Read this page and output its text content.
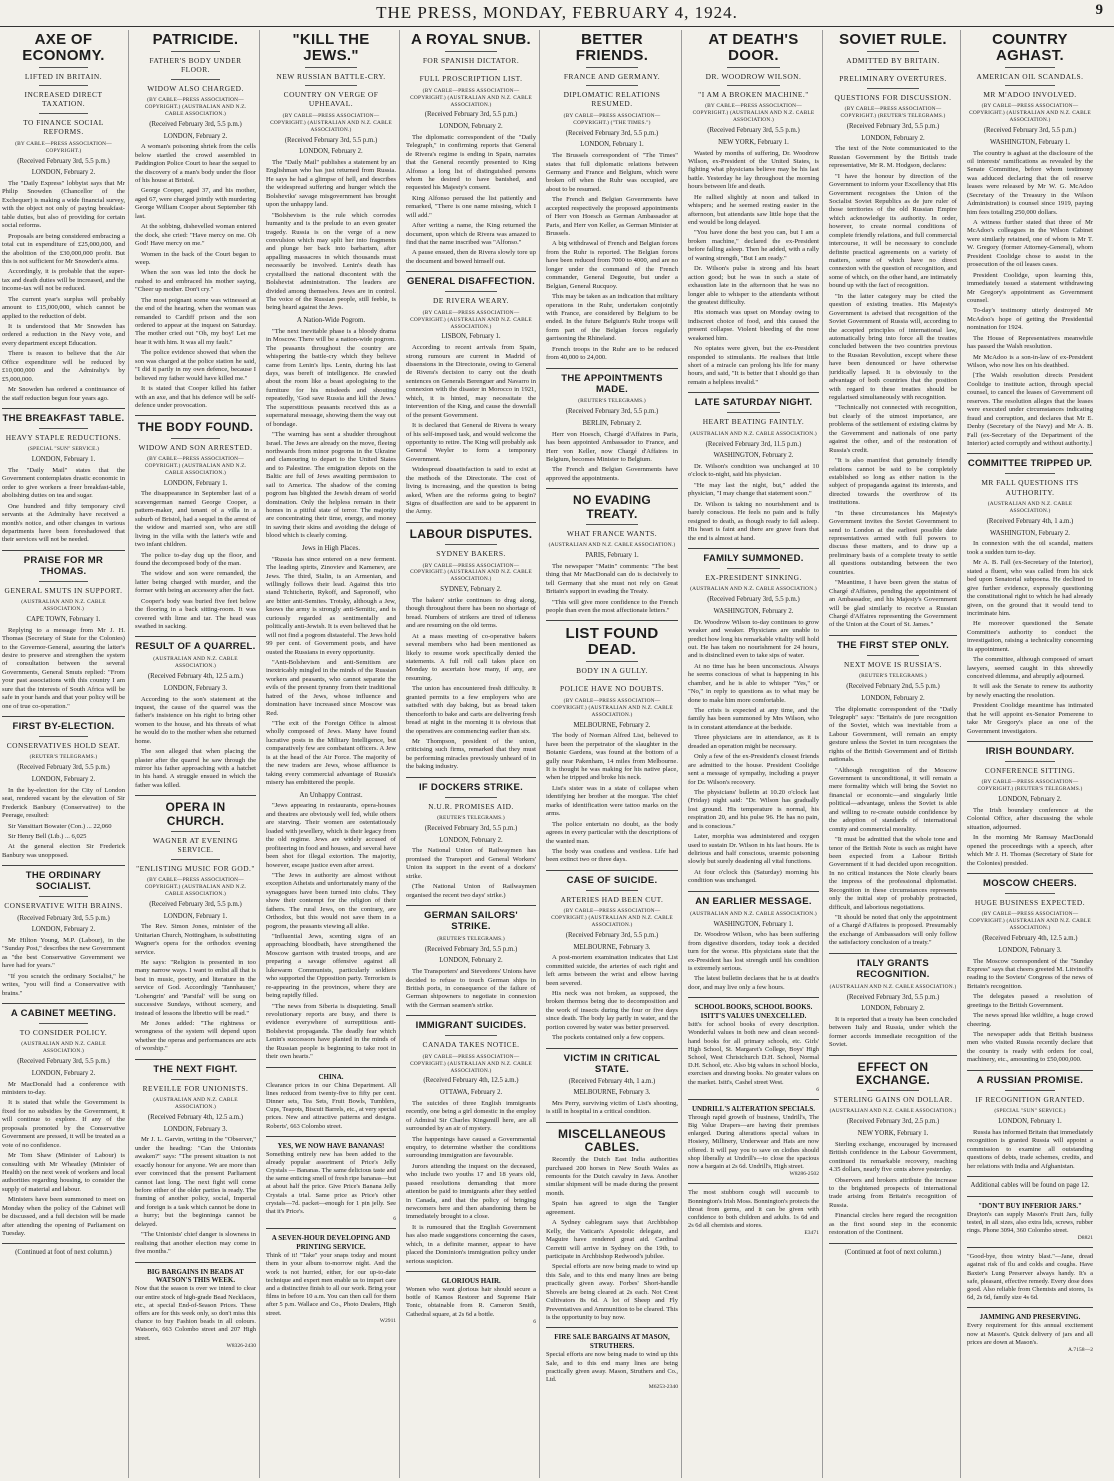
THE PRESS, MONDAY, FEBRUARY 4, 1924.	9
AXE OF ECONOMY.
LIFTED IN BRITAIN.
INCREASED DIRECT TAXATION.
TO FINANCE SOCIAL REFORMS.
(BY CABLE—PRESS ASSOCIATION—COPYRIGHT.)
(Received February 3rd, 5.5 p.m.)
LONDON, February 2.

The "Daily Express" lobbyist says that Mr Philip Snowden (Chancellor of the Exchequer) is making a wide financial survey, with the object not only of paying breakfast-table duties, but also of providing for certain social reforms.

Proposals are being considered embracing a total cut in expenditure of £25,000,000, and the abolition of the £30,000,000 profit. But this is not sufficient for Mr Snowden's aims.

Accordingly, it is probable that the super-tax and death duties will be increased, and the income-tax will not be reduced.

The current year's surplus will probably amount to £15,000,000, which cannot be applied to the reduction of debt.

It is understood that Mr Snowden has ordered a reduction in the Navy vote, and every department except Education.

There is reason to believe that the Air Office expenditure will be reduced by £10,000,000 and the Admiralty's by £5,000,000.

Mr Snowden has ordered a continuance of the staff reduction begun four years ago.

THE BREAKFAST TABLE.
HEAVY STAPLE REDUCTIONS.
(SPECIAL "SUN" SERVICE.)
LONDON, February 1.

The "Daily Mail" states that the Government contemplates drastic economic in order to give workers a freer breakfast-table, abolishing duties on tea and sugar.

One hundred and fifty temporary civil servants at the Admiralty have received a month's notice, and other changes in various departments have been foreshadowed that their services will not be needed.

PRAISE FOR MR THOMAS.
GENERAL SMUTS IN SUPPORT.
(AUSTRALIAN AND N.Z. CABLE ASSOCIATION.)
CAPE TOWN, February 1.

Replying to a message from Mr J. H. Thomas (Secretary of State for the Colonies) to the Governor-General, assuring the latter's desire to preserve and strengthen the system of consultation between the several Governments, General Smuts replied: "From your past associations with this country I am sure that the interests of South Africa will be safe in your hands and that your policy will be one of true co-operation."

FIRST BY-ELECTION.
CONSERVATIVES HOLD SEAT.
(REUTER'S TELEGRAMS.)
(Received February 3rd, 5.5 p.m.)
LONDON, February 2.

In the by-election for the City of London seat, rendered vacant by the elevation of Sir Frederick Banbury (Conservative) to the Peerage, resulted:

Sir Vansittart Bowater (Con.) ... 22,060

Sir Henry Bell (Lib.) ... 6,025

At the general election Sir Frederick Banbury was unopposed.

THE ORDINARY SOCIALIST.
CONSERVATIVE WITH BRAINS.
(Received February 3rd, 5.5 p.m.)
LONDON, February 2.

Mr Hilton Young, M.P. (Labour), in the "Sunday Post," describes the new Government as "the best Conservative Government we have had for years."

"If you scratch the ordinary Socialist," he writes, "you will find a Conservative with brains."

A CABINET MEETING.
TO CONSIDER POLICY.
(AUSTRALIAN AND N.Z. CABLE ASSOCIATION.)
(Received February 3rd, 5.5 p.m.)
LONDON, February 2.

Mr MacDonald had a conference with ministers to-day.

It is stated that while the Government is fixed for no subsidies by the Government, it will continue to explore. If any of the proposals promoted by the Conservative Government are pressed, it will be treated as a vote of no confidence.

Mr Tom Shaw (Minister of Labour) is consulting with Mr Wheatley (Minister of Health) on the next week of workers and local authorities regarding housing, to consider the supply of material and labour.

Ministers have been summoned to meet on Monday when the policy of the Cabinet will be discussed, and a full decision will be made after attending the opening of Parliament on Tuesday.

(Continued at foot of next column.)
PATRICIDE.
FATHER'S BODY UNDER FLOOR.
WIDOW ALSO CHARGED.
(BY CABLE—PRESS ASSOCIATION—COPYRIGHT.) (AUSTRALIAN AND N.Z. CABLE ASSOCIATION.)
(Received February 3rd, 5.5 p.m.)
LONDON, February 2.

A woman's poisoning shriek from the cells below startled the crowd assembled in Paddington Police Court to hear the sequel to the discovery of a man's body under the floor of his house at Bristol.

George Cooper, aged 37, and his mother, aged 67, were charged jointly with murdering George William Cooper about September 6th last.

At the sobbing, dishevelled woman entered the dock, she cried: "Have mercy on me. Oh God! Have mercy on me."

Women in the back of the Court began to weep.

When the son was led into the dock he rushed to and embraced his mother saying, "Cheer up mother. Don't cry."

The most poignant scene was witnessed at the end of the hearing, when the woman was remanded to Cardiff prison and the son ordered to appear at the inquest on Saturday. The mother cried out "Oh, my boy! Let me hear it with him. It was all my fault."

The police evidence showed that when the son was charged at the police station he said, "I did it partly in my own defence, because I believed my father would have killed me."

It is stated that Cooper killed his father with an axe, and that his defence will be self-defence under provocation.

THE BODY FOUND.
WIDOW AND SON ARRESTED.
(BY CABLE—PRESS ASSOCIATION—COPYRIGHT.) (AUSTRALIAN AND N.Z. CABLE ASSOCIATION.)
LONDON, February 1.

The disappearance in September last of a scavengerman named George Cooper, a pattern-maker, and tenant of a villa in a suburb of Bristol, had a sequel in the arrest of the widow and married son, who are still living in the villa with the latter's wife and two infant children.

The police to-day dug up the floor, and found the decomposed body of the man.

The widow and son were remanded, the latter being charged with murder, and the former with being an accessory after the fact.

Cooper's body was buried five feet below the flooring in a back sitting-room. It was covered with lime and tar. The head was swathed in sacking.

RESULT OF A QUARREL.
(AUSTRALIAN AND N.Z. CABLE ASSOCIATION.)
(Received February 4th, 12.5 a.m.)
LONDON, February 3.

According to the son's statement at the inquest, the cause of the quarrel was the father's insistence on his right to bring other women to the house, and his threats of what he would do to the mother when she returned home.

The son alleged that when placing the plaster after the quarrel he saw through the mirror his father approaching with a hatchet in his hand. A struggle ensued in which the father was killed.

OPERA IN CHURCH.
WAGNER AT EVENING SERVICE.
"ENLISTING MUSIC FOR GOD."
(BY CABLE—PRESS ASSOCIATION—COPYRIGHT.) (AUSTRALIAN AND N.Z. CABLE ASSOCIATION.)
(Received February 3rd, 5.5 p.m.)
LONDON, February 1.

The Rev. Simon Jones, minister of the Unitarian Church, Nottingham, is substituting Wagner's opera for the orthodox evening service.

He says: "Religion is presented in too many narrow ways. I want to enlist all that is best in music, poetry, and literature in the service of God. Accordingly 'Tannhauser,' 'Lohengrin' and 'Parsifal' will be sung on successive Sundays, without scenery, and instead of lessons the libretto will be read."

Mr Jones added: "The rightness or wrongness of the system will depend upon whether the operas and performances are acts of worship."

THE NEXT FIGHT.
REVEILLE FOR UNIONISTS.
(AUSTRALIAN AND N.Z. CABLE ASSOCIATION.)
(Received February 4th, 12.5 a.m.)
LONDON, February 3.

Mr J. L. Garvin, writing in the "Observer," under the heading: "Can the Unionists awaken?" says: "The present situation is not exactly honour for anyone. We are more than ever convinced that the present Parliament cannot last long. The next fight will come before either of the older parties is ready. The framing of another policy, social, Imperial and foreign is a task which cannot be done in a hurry; but the beginnings cannot be delayed.

"The Unionists' chief danger is slowness in realising that another election may come in five months."

BIG BARGAINS IN BEADS AT WATSON'S THIS WEEK.
Now that the season is over we intend to clear our entire stock of high-grade Bead Necklaces, etc., at special End-of-Season Prices. These offers are for this week only, so don't miss this chance to buy Fashion beads in all colours. Watson's, 663 Colombo street and 207 High street.
W8326-2430
"KILL THE JEWS."
NEW RUSSIAN BATTLE-CRY.
COUNTRY ON VERGE OF UPHEAVAL.
(BY CABLE—PRESS ASSOCIATION—COPYRIGHT.) (AUSTRALIAN AND N.Z. CABLE ASSOCIATION.)
(Received February 3rd, 5.5 p.m.)
LONDON, February 2.

The "Daily Mail" publishes a statement by an Englishman who has just returned from Russia. He says he had a glimpse of hell, and describes the widespread suffering and hunger which the Bolsheviks' savage misgovernment has brought upon the unhappy land.

"Bolshevism is the rule which corrodes humanity and is the prelude to an even greater tragedy. Russia is on the verge of a new convulsion which may split her into fragments and plunge her back into barbarism, after appalling massacres in which thousands must necessarily be involved. Lenin's death has crystallised the national discontent with the Bolshevist administration. The leaders are divided among themselves. Jews are in control. The voice of the Russian people, still feeble, is being heard against the Jews.

A Nation-Wide Pogrom.

"The next inevitable phase is a bloody drama in Moscow. There will be a nation-wide pogrom. The peasants throughout the country are whispering the battle-cry which they believe came from Lenin's lips. Lenin, during his last days, was bereft of intelligence. He crawled about the room like a beast apologising to the furniture for his misdeeds and shouting repeatedly, 'God save Russia and kill the Jews.' The superstitious peasants received this as a supernatural message, showing them the way out of bondage.

"The warning has sent a shudder throughout Israel. The Jews are already on the move, fleeing northwards from minor pogroms in the Ukraine and clamouring to depart to the United States and to Palestine. The emigration depots on the Baltic are full of Jews awaiting permission to sail to America. The shadow of the coming pogrom has blighted the Jewish dream of world domination. Only the helpless remain in their homes in a pitiful state of terror. The majority are concentrating their time, energy, and money in saving their skins and avoiding the deluge of blood which is clearly coming.

Jews in High Places.

"Russia has since entered on a new ferment. The leading spirits, Zinoviev and Kamenev, are Jews. The third, Stalin, is an Armenian, and willingly follows their lead. Against this trio stand Tchitcherin, Rykoff, and Sapronoff, who are bitter anti-Semites. Trotsky, although a Jew, knows the army is strongly anti-Semitic, and is curiously regarded as sentimentally and politically anti-Jewish. It is even believed that he will not find a pogrom distasteful. The Jews hold 99 per cent. of Government posts, and have ousted the Russians in every opportunity.

"Anti-Bolshevism and anti-Semitism are inextricably mingled in the minds of the Russian workers and peasants, who cannot separate the evils of the present tyranny from their traditional hatred of the Jews, whose influence and domination have increased since Moscow was Red.

"The exit of the Foreign Office is almost wholly composed of Jews. Many have found lucrative posts in the Military Intelligence, but comparatively few are combatant officers. A Jew is at the head of the Air Force. The majority of the new traders are Jews, whose affluence is taking every commercial advantage of Russia's misery has embittered the people.

An Unhappy Contrast.

"Jews appearing in restaurants, opera-houses and theatres are obviously well fed, while others are starving. Their women are ostentatiously loaded with jewellery, which is their legacy from the old regime. Jews are widely accused of profiteering in food and houses, and several have been shot for illegal extortion. The majority, however, escape justice even after arrest.

"The Jews in authority are almost without exception Atheists and unfortunately many of the synagogues have been turned into clubs. They show their contempt for the religion of their fathers. The rural Jews, on the contrary, are Orthodox, but this would not save them in a pogrom, the peasants viewing all alike.

"Influential Jews, scenting signs of an approaching bloodbath, have strengthened the Moscow garrison with trusted troops, and are preparing a savage offensive against all lukewarm Communists, particularly soldiers who supported the Opposition party. Terrorism is re-appearing in the provinces, where they are being rapidly filled.

"The news from Siberia is disquieting. Small revolutionary reports are busy, and there is evidence everywhere of surreptitious anti-Bolshevist propaganda. The deadly fear which Lenin's successors have planted in the minds of the Russian people is beginning to take root in their own hearts."

CHINA.
Clearance prices in our China Department. All lines reduced from twenty-five to fifty per cent. Dinner sets, Tea Sets, Fruit Bowls, Tumblers, Cups, Teapots, Biscuit Barrels, etc., at very special prices. New and attractive patterns and designs. Roberts', 663 Colombo street.
YES, WE NOW HAVE BANANAS!
Something entirely new has been added to the already popular assortment of Price's Jelly Crystals — Bananas. The same delicious taste and the same enticing smell of fresh ripe bananas—but at about half the price. Give Price's Banana Jelly Crystals a trial. Same price as Price's other crystals—7d. packet—enough for 1 pin jelly. See that it's Price's.
6
A SEVEN-HOUR DEVELOPING AND PRINTING SERVICE.
Think of it! "Take" your snaps today and mount them in your album to-morrow night. And the work is not hurried, either, for our up-to-date technique and expert men enable us to impart care and a distinctive finish to all our work. Bring your films in before 10 a.m. You can then call for them after 5 p.m. Wallace and Co., Photo Dealers, High street.
W2911
A ROYAL SNUB.
FOR SPANISH DICTATOR.
FULL PROSCRIPTION LIST.
(BY CABLE—PRESS ASSOCIATION—COPYRIGHT.) (AUSTRALIAN AND N.Z. CABLE ASSOCIATION.)
(Received February 3rd, 5.5 p.m.)
LONDON, February 2.

The diplomatic correspondent of the "Daily Telegraph," in confirming reports that General de Rivera's regime is ending in Spain, narrates that the General recently presented to King Alfonso a long list of distinguished persons whom he desired to have banished, and requested his Majesty's consent.

King Alfonso perused the list patiently and remarked, "There is one name missing, which I will add."

After writing a name, the King returned the document, upon which de Rivera was amazed to find that the name inscribed was "Alfonso."

A pause ensued, then de Rivera slowly tore up the document and bowed himself out.

GENERAL DISAFFECTION.
DE RIVERA WEARY.
(BY CABLE—PRESS ASSOCIATION—COPYRIGHT.) (AUSTRALIAN AND N.Z. CABLE ASSOCIATION.)
LISBON, February 1.

According to recent arrivals from Spain, strong rumours are current in Madrid of dissensions in the Directorate, owing to General de Rivera's decision to carry out the death sentences on Generals Berenguer and Navarro in connexion with the disaster in Morocco in 1921, which, it is hinted, may necessitate the intervention of the King, and cause the downfall of the present Government.

It is declared that General de Rivera is weary of his self-imposed task, and would welcome the opportunity to retire. The King will probably ask General Weyler to form a temporary Government.

Widespread dissatisfaction is said to exist at the methods of the Directorate. The cost of living is increasing, and the question is being asked, When are the reforms going to begin? Signs of disaffection are said to be apparent in the Army.

LABOUR DISPUTES.
SYDNEY BAKERS.
(BY CABLE—PRESS ASSOCIATION—COPYRIGHT.) (AUSTRALIAN AND N.Z. CABLE ASSOCIATION.)
SYDNEY, February 2.

The bakers' strike continues to drag along, though throughout there has been no shortage of bread. Numbers of strikers are tired of idleness and are resuming on the old terms.

At a mass meeting of co-operative bakers several members who had been mentioned as likely to resume work specifically denied the statements. A full roll call takes place on Monday to ascertain how many, if any, are resuming.

The union has encountered fresh difficulty. It granted permits to a few employers who are satisfied with day baking, but as bread taken thenceforth to bake and carts are delivering fresh bread at night in the morning it is obvious that the operatives are commencing earlier than six.

Mr Thompson, president of the union, criticising such firms, remarked that they must be performing miracles previously unheard of in the baking industry.

IF DOCKERS STRIKE.
N.U.R. PROMISES AID.
(REUTER'S TELEGRAMS.)
(Received February 3rd, 5.5 p.m.)
LONDON, February 2.

The National Union of Railwaymen has promised the Transport and General Workers' Union its support in the event of a dockers' strike.

(The National Union of Railwaymen organised the recent two days' strike.)

GERMAN SAILORS' STRIKE.
(REUTER'S TELEGRAMS.)
(Received February 3rd, 5.5 p.m.)
LONDON, February 2.

The Transporters' and Stevedores' Unions have decided to refuse to touch German ships in British ports, in consequence of the failure of German shipowners to negotiate in connexion with the German seamen's strike.

IMMIGRANT SUICIDES.
CANADA TAKES NOTICE.
(BY CABLE—PRESS ASSOCIATION—COPYRIGHT.) (AUSTRALIAN AND N.Z. CABLE ASSOCIATION.)
(Received February 4th, 12.5 a.m.)
OTTAWA, February 2.

The suicides of three English immigrants recently, one being a girl domestic in the employ of Admiral Sir Charles Kingsmill here, are all surrounded by an air of mystery.

The happenings have caused a Governmental enquiry, to determine whether the conditions surrounding immigration are favourable.

Jurors attending the inquest on the deceased, who include two youths 17 and 18 years old, passed resolutions demanding that more attention be paid to immigrants after they settled in Canada, and that the policy of bringing newcomers here and then abandoning them be immediately brought to a close.

It is rumoured that the English Government has also made suggestions concerning the cases, which, in a definite manner, appear to have placed the Dominion's immigration policy under serious suspicion.

GLORIOUS HAIR.
Women who want glorious hair should secure a bottle of Kamos Restorer and Supreme Hair Tonic, obtainable from R. Cameron Smith, Cathedral square, at 2s 6d a bottle.
6
BETTER FRIENDS.
FRANCE AND GERMANY.
DIPLOMATIC RELATIONS RESUMED.
(BY CABLE—PRESS ASSOCIATION—COPYRIGHT.) ("THE TIMES.")
(Received February 3rd, 5.5 p.m.)
LONDON, February 1.

The Brussels correspondent of "The Times" states that full diplomatic relations between Germany and France and Belgium, which were broken off when the Ruhr was occupied, are about to be resumed.

The French and Belgian Governments have accepted respectively the proposed appointments of Herr von Hoesch as German Ambassador at Paris, and Herr von Keller, as German Minister at Brussels.

A big withdrawal of French and Belgian forces from the Ruhr is reported. The Belgian forces have been reduced from 7000 to 4000, and are no longer under the command of the French commander, General Degoutte, but under a Belgian, General Rucquoy.

This may be taken as an indication that military operations in the Ruhr, undertaken conjointly with France, are considered by Belgium to be ended. In the future Belgium's Ruhr troops will form part of the Belgian forces regularly garrisoning the Rhineland.

French troops in the Ruhr are to be reduced from 40,000 to 24,000.

THE APPOINTMENTS MADE.
(REUTER'S TELEGRAMS.)
(Received February 3rd, 5.5 p.m.)
BERLIN, February 2.

Herr von Hoesch, Chargé d'Affaires in Paris, has been appointed Ambassador to France, and Herr von Keller, now Chargé d'Affaires in Belgium, becomes Minister to Belgium.

The French and Belgian Governments have approved the appointments.

NO EVADING TREATY.
WHAT FRANCE WANTS.
(AUSTRALIAN AND N.Z. CABLE ASSOCIATION.)
PARIS, February 1.

The newspaper "Matin" comments: "The best thing that Mr MacDonald can do is decisively to tell Germany that she must not rely on Great Britain's support in evading the Treaty.

"This will give more confidence to the French people than even the most affectionate letters."

LIST FOUND DEAD.
BODY IN A GULLY.
POLICE HAVE NO DOUBTS.
(BY CABLE—PRESS ASSOCIATION—COPYRIGHT.) (AUSTRALIAN AND N.Z. CABLE ASSOCIATION.)
MELBOURNE, February 2.

The body of Norman Alfred List, believed to have been the perpetrator of the slaughter in the Botanic Gardens, was found at the bottom of a gully near Pakenham, 14 miles from Melbourne. It is thought he was making for his native place, when he tripped and broke his neck.

List's sister was in a state of collapse when identifying her brother at the morgue. The chief marks of identification were tattoo marks on the arms.

The police entertain no doubt, as the body agrees in every particular with the descriptions of the wanted man.

The body was coatless and vestless. Life had been extinct two or three days.

CASE OF SUICIDE.
ARTERIES HAD BEEN CUT.
(BY CABLE—PRESS ASSOCIATION—COPYRIGHT.) (AUSTRALIAN AND N.Z. CABLE ASSOCIATION.)
(Received February 3rd, 5.5 p.m.)
MELBOURNE, February 3.

A post-mortem examination indicates that List committed suicide, the arteries of each right and left arms between the wrist and elbow having been severed.

His neck was not broken, as supposed, the broken thermos being due to decomposition and the work of insects during the four or five days since death. The body lay partly in water, and the portion covered by water was better preserved.

The pockets contained only a few coppers.

VICTIM IN CRITICAL STATE.
(Received February 4th, 1 a.m.)
MELBOURNE, February 3.

Mrs Perry, surviving victim of List's shooting, is still in hospital in a critical condition.

MISCELLANEOUS CABLES.

Recently the Dutch East India authorities purchased 200 horses in New South Wales as remounts for the Dutch cavalry in Java. Another similar shipment will be made during the present month.

Spain has agreed to sign the Tangier agreement.

A Sydney cablegram says that Archbishop Kelly, the Vatican's Apostolic delegate, and Maguire have rendered great aid. Cardinal Cerretti will arrive in Sydney on the 19th, to participate in Archbishop Redwood's jubilee.

Special efforts are now being made to wind up this Sale, and to this end many lines are being practically given away. Forbes' Short-handle Shovels are being cleared at 2s each. Not Crest Cultivators 8s 6d. A lot of Sheep and Fly Preventatives and Ammunition to be cleared. This is the opportunity to buy now.

FIRE SALE BARGAINS AT MASON, STRUTHERS.
Special efforts are now being made to wind up this Sale, and to this end many lines are being practically given away. Mason, Struthers and Co., Ltd.
M6253-2340
AT DEATH'S DOOR.
DR. WOODROW WILSON.
"I AM A BROKEN MACHINE."
(BY CABLE—PRESS ASSOCIATION—COPYRIGHT.) (AUSTRALIAN AND N.Z. CABLE ASSOCIATION.)
(Received February 3rd, 5.5 p.m.)
NEW YORK, February 1.

Wasted by months of suffering, Dr. Woodrow Wilson, ex-President of the United States, is fighting what physicians believe may be his last battle. Yesterday he lay throughout the morning hours between life and death.

He rallied slightly at noon and talked in whispers; and he seemed resting easier in the afternoon, but attendants saw little hope that the end would be long delayed.

"You have done the best you can, but I am a broken machine," declared the ex-President before falling asleep. Then he added, with a rally of waning strength, "But I am ready."

Dr. Wilson's pulse is strong and his heart action good; but he was in such a state of exhaustion late in the afternoon that he was no longer able to whisper to the attendants without the greatest difficulty.

His stomach was upset on Monday owing to indiscreet choice of food, and this caused the present collapse. Violent bleeding of the nose weakened him.

No opiates were given, but the ex-President responded to stimulants. He realises that little short of a miracle can prolong his life for many hours, and said, "It is better that I should go than remain a helpless invalid."

LATE SATURDAY NIGHT.
HEART BEATING FAINTLY.
(AUSTRALIAN AND N.Z. CABLE ASSOCIATION.)
(Received February 3rd, 11.5 p.m.)
WASHINGTON, February 2.

Dr. Wilson's condition was unchanged at 10 o'clock to-night, said his physician.

"He may last the night, but," added the physician, "I may change that statement soon."

Dr. Wilson is taking no nourishment and is barely conscious. He feels no pain and is fully resigned to death, as though ready to fall asleep. His heart is faint and there are grave fears that the end is almost at hand.

FAMILY SUMMONED.
EX-PRESIDENT SINKING.
(AUSTRALIAN AND N.Z. CABLE ASSOCIATION.)
(Received February 3rd, 5.5 p.m.)
WASHINGTON, February 2.

Dr. Woodrow Wilson to-day continues to grow weaker and weaker. Physicians are unable to predict how long his remarkable vitality will hold out. He has taken no nourishment for 24 hours, and is disinclined even to take sips of water.

At no time has he been unconscious. Always he seems conscious of what is happening in his chamber, and he is able to whisper "Yes," or "No," in reply to questions as to what may be done to make him more comfortable.

The crisis is expected at any time, and the family has been summoned by Mrs Wilson, who is in constant attendance at the bedside.

Three physicians are in attendance, as it is dreaded an operation might be necessary.

Only a few of the ex-President's closest friends are admitted to the house. President Coolidge sent a message of sympathy, including a prayer for Dr. Wilson's recovery.

The physicians' bulletin at 10.20 o'clock last (Friday) night said: "Dr. Wilson has gradually lost ground. His temperature is normal, his respiration 20, and his pulse 96. He has no pain, and is conscious."

Later, morphia was administered and oxygen used to sustain Dr. Wilson in his last hours. He is delirious and half conscious, uraemic poisoning slowly but surely deadening all vital functions.

At four o'clock this (Saturday) morning his condition was unchanged.

AN EARLIER MESSAGE.
(AUSTRALIAN AND N.Z. CABLE ASSOCIATION.)
WASHINGTON, February 1.

Dr. Woodrow Wilson, who has been suffering from digestive disorders, today took a decided turn for the worse. His physicians state that the ex-President has lost strength until his condition is extremely serious.

The latest bulletin declares that he is at death's door, and may live only a few hours.

SCHOOL BOOKS, SCHOOL BOOKS. ISITT'S VALUES UNEXCELLED.
Isitt's for school books of every description. Wonderful values in both new and clean second-hand books for all primary schools, etc. Girls' High School, St. Margaret's College, Boys' High School, West Christchurch D.H. School, Normal D.H. School, etc. Also big values in school blocks, exercises and drawing books. No greater values on the market. Isitt's, Cashel street West.
6
UNDRILL'S ALTERATION SPECIALS.
Through rapid growth of business, Undrill's, The Big Value Drapers—are having their premises enlarged. During alterations special values in Hosiery, Millinery, Underwear and Hats are now offered. It will pay you to save on clothes should shop liberally at Undrill's—to close the spacious now a bargain at 2s 6d. Undrill's, High street.
W8286-2502
The most stubborn cough will succumb to Bonnington's Irish Moss. Bonnington's protects the throat from germs, and it can be given with confidence to both children and adults. 1s 6d and 2s 6d all chemists and stores.
E3471
SOVIET RULE.
ADMITTED BY BRITAIN.
PRELIMINARY OVERTURES.
QUESTIONS FOR DISCUSSION.
(BY CABLE—PRESS ASSOCIATION—COPYRIGHT.) (REUTER'S TELEGRAMS.)
(Received February 3rd, 5.5 p.m.)
LONDON, February 2.

The text of the Note communicated to the Russian Government by the British trade representative, Mr R. M. Hodgson, declares:

"I have the honour by direction of the Government to inform your Excellency that His Government recognises the Union of the Socialist Soviet Republics as de jure ruler of those territories of the old Russian Empire which acknowledge its authority. In order, however, to create normal conditions of complete friendly relations, and full commercial intercourse, it will be necessary to conclude definite practical agreements on a variety of matters, some of which have no direct connexion with the question of recognition, and some of which, on the other hand, are intimately bound up with the fact of recognition.

"In the latter category may be cited the question of existing treaties. His Majesty's Government is advised that recognition of the Soviet Government of Russia will, according to the accepted principles of international law, automatically bring into force all the treaties concluded between the two countries previous to the Russian Revolution, except where these have been denounced or have otherwise juridically lapsed. It is obviously to the advantage of both countries that the position with regard to these treaties should be regularised simultaneously with recognition.

"Technically not connected with recognition, but clearly of the utmost importance, are problems of the settlement of existing claims by the Government and nationals of one party against the other, and of the restoration of Russia's credit.

"It is also manifest that genuinely friendly relations cannot be said to be completely established so long as either nation is the subject of propaganda against its interests, and directed towards the overthrow of its institutions.

"In these circumstances his Majesty's Government invites the Soviet Government to send to London at the earliest possible date representatives armed with full powers to discuss these matters, and to draw up a preliminary basis of a complete treaty to settle all questions outstanding between the two countries.

"Meantime, I have been given the status of Chargé d'Affaires, pending the appointment of an Ambassador, and his Majesty's Government will be glad similarly to receive a Russian Chargé d'Affaires representing the Government of the Union at the Court of St. James."

THE FIRST STEP ONLY.
NEXT MOVE IS RUSSIA'S.
(REUTER'S TELEGRAMS.)
(Received February 2nd, 5.5 p.m.)
LONDON, February 2.

The diplomatic correspondent of the "Daily Telegraph" says: "Britain's de jure recognition of the Soviet, which was inevitable from a Labour Government, will remain an empty gesture unless the Soviet in turn recognises the rights of the British Government and of British nationals.

"Although recognition of the Moscow Government is unconditional, it will remain a mere formality which will bring the Soviet no financial or economic—and singularly little political—advantage, unless the Soviet is able and willing to re-create outside confidence by the adoption of standards of international comity and commercial morality.

"It must be admitted that the whole tone and tenor of the British Note is such as might have been expected from a Labour British Government if it had decided upon recognition. In no critical instances the Note clearly bears the impress of the professional diplomatist. Recognition in these circumstances represents only the initial step of probably protracted, difficult, and laborious negotiations.

"It should be noted that only the appointment of a Chargé d'Affaires is proposed. Presumably the exchange of Ambassadors will only follow the satisfactory conclusion of a treaty."

ITALY GRANTS RECOGNITION.
(AUSTRALIAN AND N.Z. CABLE ASSOCIATION.)
(Received February 3rd, 5.5 p.m.)
LONDON, February 2.

It is reported that a treaty has been concluded between Italy and Russia, under which the former accords immediate recognition of the Soviet.

EFFECT ON EXCHANGE.
STERLING GAINS ON DOLLAR.
(AUSTRALIAN AND N.Z. CABLE ASSOCIATION.)
(Received February 3rd, 2.5 p.m.)
NEW YORK, February 1.

Sterling exchange, encouraged by increased British confidence in the Labour Government, continued its remarkable recovery, reaching 4.35 dollars, nearly five cents above yesterday.

Observers and brokers attribute the increase to the brightened prospects of international trade arising from Britain's recognition of Russia.

Financial circles here regard the recognition as the first sound step in the economic restoration of the Continent.

(Continued at foot of next column.)
COUNTRY AGHAST.
AMERICAN OIL SCANDALS.
MR M'ADOO INVOLVED.
(BY CABLE—PRESS ASSOCIATION—COPYRIGHT.) (AUSTRALIAN AND N.Z. CABLE ASSOCIATION.)
(Received February 3rd, 5.5 p.m.)
WASHINGTON, February 1.

The country is aghast at the disclosure of the oil interests' ramifications as revealed by the Senate Committee, before whom testimony was adduced declaring that the oil reserve leases were released by Mr W. G. McAdoo (Secretary of the Treasury in the Wilson Administration) is counsel since 1919, paying him fees totalling 250,000 dollars.

A witness further stated that three of Mr McAdoo's colleagues in the Wilson Cabinet were similarly retained, one of whom is Mr T. W. Gregory (former Attorney-General), whom President Coolidge chose to assist in the prosecution of the oil leases cases.

President Coolidge, upon learning this, immediately issued a statement withdrawing Mr Gregory's appointment as Government counsel.

To-day's testimony utterly destroyed Mr McAdoo's hope of getting the Presidential nomination for 1924.

The House of Representatives meanwhile has passed the Walsh resolution.

Mr McAdoo is a son-in-law of ex-President Wilson, who now lies on his deathbed.

[The Walsh resolution directs President Coolidge to institute action, through special counsel, to cancel the leases of Government oil reserves. The resolution alleges that the leases were executed under circumstances indicating fraud and corruption, and declares that Mr E. Denby (Secretary of the Navy) and Mr A. B. Fall (ex-Secretary of the Department of the Interior) acted corruptly and without authority.]

COMMITTEE TRIPPED UP.
MR FALL QUESTIONS ITS AUTHORITY.
(AUSTRALIAN AND N.Z. CABLE ASSOCIATION.)
(Received February 4th, 1 a.m.)
WASHINGTON, February 2.

In connexion with the oil scandal, matters took a sudden turn to-day.

Mr A. B. Fall (ex-Secretary of the Interior), stated a fluent, who was called from his sick bed upon Senatorial subpoena. He declined to give further evidence, expressly questioning the constitutional right to which he had already given, on the ground that it would tend to incriminate him.

He moreover questioned the Senate Committee's authority to conduct the investigation, raising a technicality concerning its appointment.

The committee, although composed of smart lawyers, seemed caught in this shrewdly conceived dilemma, and abruptly adjourned.

It will ask the Senate to renew its authority by newly enacting the resolution.

President Coolidge meantime has intimated that he will appoint ex-Senator Pomerene to take Mr Gregory's place as one of the Government investigators.

IRISH BOUNDARY.
CONFERENCE SITTING.
(BY CABLE—PRESS ASSOCIATION—COPYRIGHT.) (REUTER'S TELEGRAMS.)
LONDON, February 2.

The Irish boundary conference at the Colonial Office, after discussing the whole situation, adjourned.

In the morning Mr Ramsay MacDonald opened the proceedings with a speech, after which Mr J. H. Thomas (Secretary of State for the Colonies) presided.

MOSCOW CHEERS.
HUGE BUSINESS EXPECTED.
(BY CABLE—PRESS ASSOCIATION—COPYRIGHT.) (AUSTRALIAN AND N.Z. CABLE ASSOCIATION.)
(Received February 4th, 12.5 a.m.)
LONDON, February 3.

The Moscow correspondent of the "Sunday Express" says that cheers greeted M. Litvinoff's reading to the Soviets' Congress of the news of Britain's recognition.

The delegates passed a resolution of greetings to the British Government.

The news spread like wildfire, a huge crowd cheering.

The newspaper adds that British business men who visited Russia recently declare that the country is ready with orders for coal, machinery, etc., amounting to £50,000,000.

A RUSSIAN PROMISE.
IF RECOGNITION GRANTED.
(SPECIAL "SUN" SERVICE.)
LONDON, February 1.

Russia has informed Britain that immediately recognition is granted Russia will appoint a commission to examine all outstanding questions of debts, trade schemes, credits, and her relations with India and Afghanistan.

Additional cables will be found on page 12.
"DON'T BUY INFERIOR JARS."
Drayton's can supply Mason's Fruit Jars, fully tested, in all sizes, also extra lids, screws, rubber rings. Phone 3094, 360 Colombo street.
D8821
"Good-bye, thou wintry blast."—Jane, dread against risk of flu and colds and coughs. Have Baxter's Lung Preserver always handy. It's a safe, pleasant, effective remedy. Every dose does good. Also reliable from Chemists and stores, 1s 6d, 2s 6d, family size 4s 6d.
JAMMING AND PRESERVING.
Every requirement for this annual excitement now at Mason's. Quick delivery of jars and all prices are down at Mason's.
A.7158—2
